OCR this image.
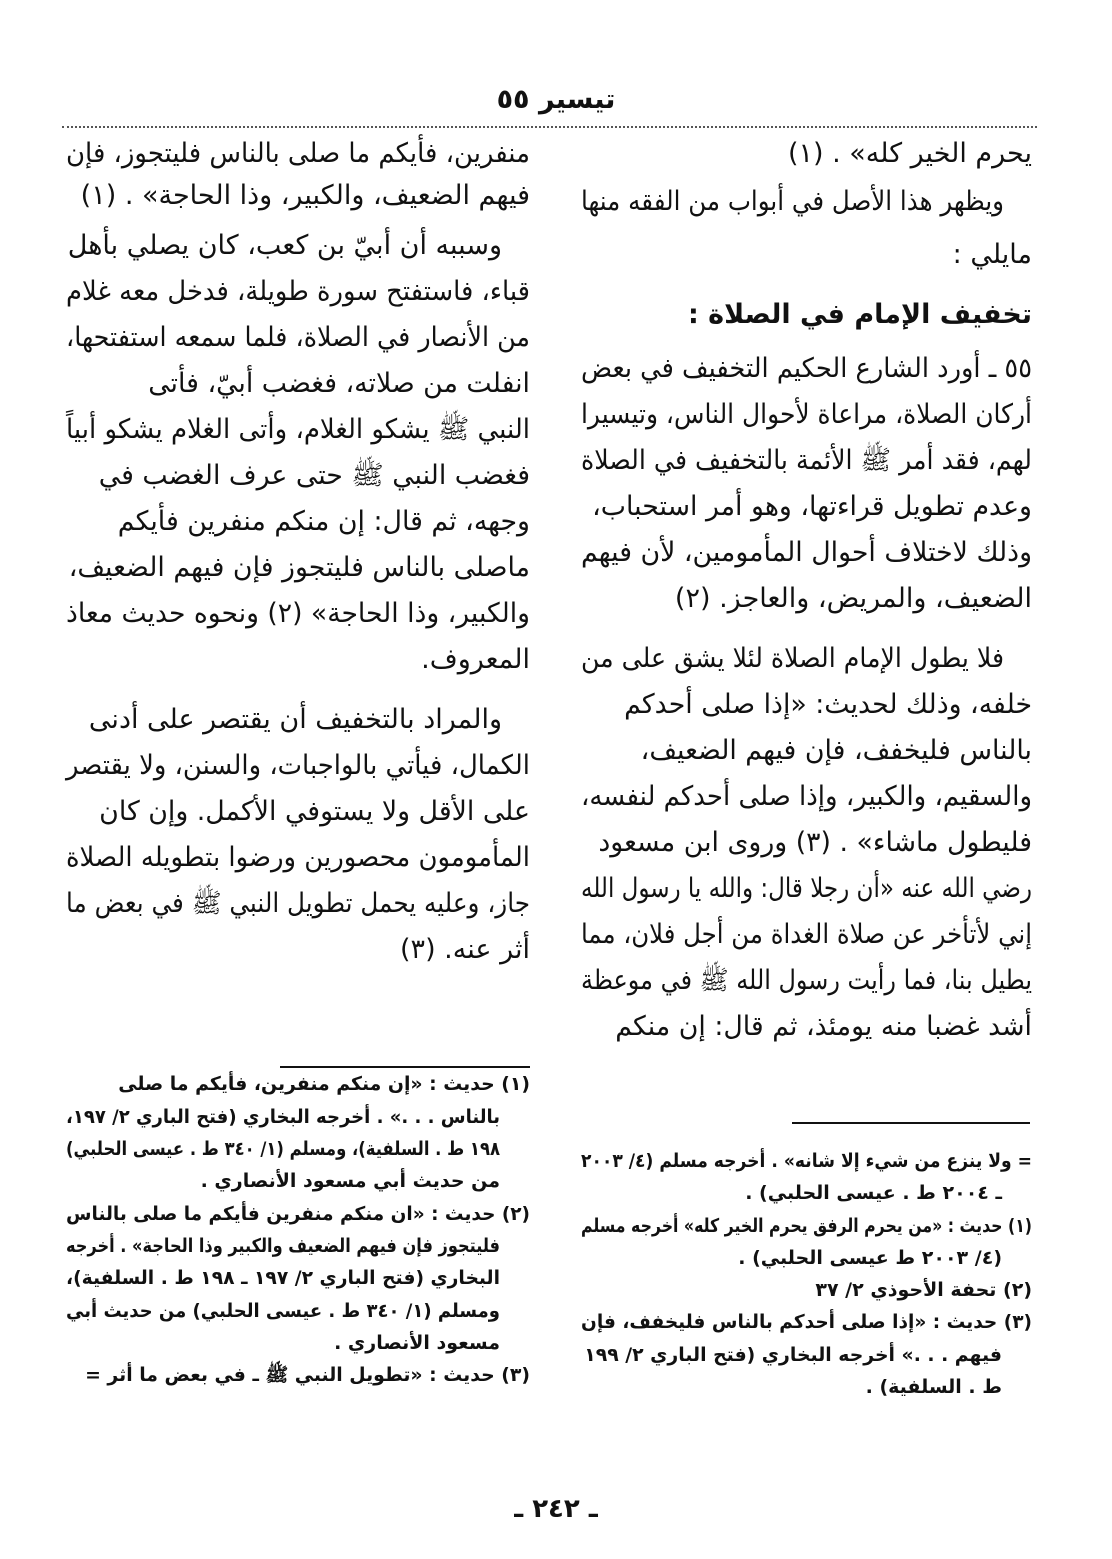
تيسير ٥٥
يحرم الخير كله» . (١)
ويظهر هذا الأصل في أبواب من الفقه منها
مايلي :
تخفيف الإمام في الصلاة :
٥٥ ـ أورد الشارع الحكيم التخفيف في بعض
أركان الصلاة، مراعاة لأحوال الناس، وتيسيرا
لهم، فقد أمر ﷺ الأئمة بالتخفيف في الصلاة
وعدم تطويل قراءتها، وهو أمر استحباب،
وذلك لاختلاف أحوال المأمومين، لأن فيهم
الضعيف، والمريض، والعاجز. (٢)
فلا يطول الإمام الصلاة لئلا يشق على من
خلفه، وذلك لحديث: «إذا صلى أحدكم
بالناس فليخفف، فإن فيهم الضعيف،
والسقيم، والكبير، وإذا صلى أحدكم لنفسه،
فليطول ماشاء» . (٣) وروى ابن مسعود
رضي الله عنه «أن رجلا قال: والله يا رسول الله
إني لأتأخر عن صلاة الغداة من أجل فلان، مما
يطيل بنا، فما رأيت رسول الله ﷺ في موعظة
أشد غضبا منه يومئذ، ثم قال: إن منكم
= ولا ينزع من شيء إلا شانه» . أخرجه مسلم (٤/ ٢٠٠٣
ـ ٢٠٠٤ ط . عيسى الحلبي) .
(١) حديث : «من يحرم الرفق يحرم الخير كله» أخرجه مسلم
(٤/ ٢٠٠٣ ط عيسى الحلبي) .
(٢) تحفة الأحوذي ٢/ ٣٧
(٣) حديث : «إذا صلى أحدكم بالناس فليخفف، فإن
فيهم . . .» أخرجه البخاري (فتح الباري ٢/ ١٩٩
ط . السلفية) .
منفرين، فأيكم ما صلى بالناس فليتجوز، فإن
فيهم الضعيف، والكبير، وذا الحاجة» . (١)
وسببه أن أبيّ بن كعب، كان يصلي بأهل
قباء، فاستفتح سورة طويلة، فدخل معه غلام
من الأنصار في الصلاة، فلما سمعه استفتحها،
انفلت من صلاته، فغضب أبيّ، فأتى
النبي ﷺ يشكو الغلام، وأتى الغلام يشكو أبياً
فغضب النبي ﷺ حتى عرف الغضب في
وجهه، ثم قال: إن منكم منفرين فأيكم
ماصلى بالناس فليتجوز فإن فيهم الضعيف،
والكبير، وذا الحاجة» (٢) ونحوه حديث معاذ
المعروف.
والمراد بالتخفيف أن يقتصر على أدنى
الكمال، فيأتي بالواجبات، والسنن، ولا يقتصر
على الأقل ولا يستوفي الأكمل. وإن كان
المأمومون محصورين ورضوا بتطويله الصلاة
جاز، وعليه يحمل تطويل النبي ﷺ في بعض ما
أثر عنه. (٣)
(١) حديث : «إن منكم منفرين، فأيكم ما صلى
بالناس . . .» . أخرجه البخاري (فتح الباري ٢/ ١٩٧،
١٩٨ ط . السلفية)، ومسلم (١/ ٣٤٠ ط . عيسى الحلبي)
من حديث أبي مسعود الأنصاري .
(٢) حديث : «ان منكم منفرين فأيكم ما صلى بالناس
فليتجوز فإن فيهم الضعيف والكبير وذا الحاجة» . أخرجه
البخاري (فتح الباري ٢/ ١٩٧ ـ ١٩٨ ط . السلفية)،
ومسلم (١/ ٣٤٠ ط . عيسى الحلبي) من حديث أبي
مسعود الأنصاري .
(٣) حديث : «تطويل النبي ﷺ ـ في بعض ما أثر =
ـ ٢٤٢ ـ
